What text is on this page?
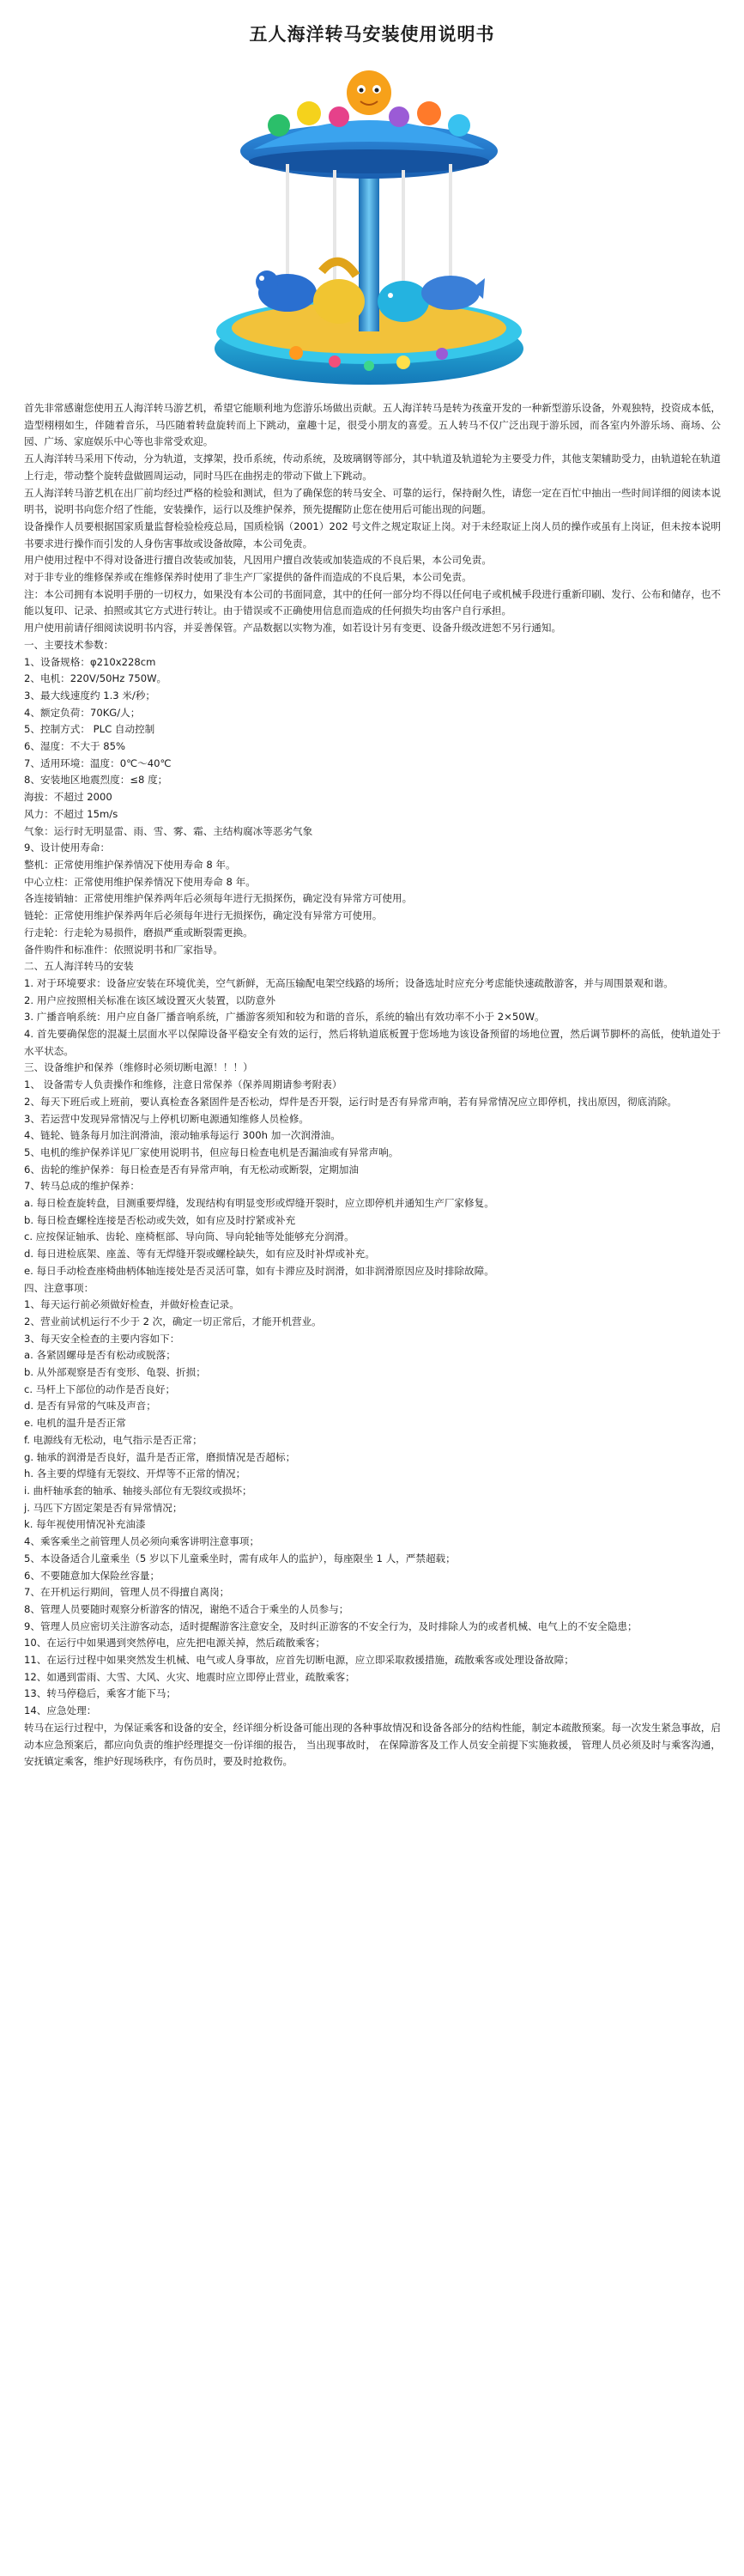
五人海洋转马安装使用说明书

首先非常感谢您使用五人海洋转马游艺机，希望它能顺利地为您游乐场做出贡献。五人海洋转马是转为孩童开发的一种新型游乐设备，外观独特，投资成本低，造型栩栩如生，伴随着音乐，马匹随着转盘旋转而上下跳动，童趣十足，很受小朋友的喜爱。五人转马不仅广泛出现于游乐园，而各室内外游乐场、商场、公园、广场、家庭娱乐中心等也非常受欢迎。

五人海洋转马采用下传动，分为轨道，支撑架，投币系统，传动系统，及玻璃钢等部分，其中轨道及轨道轮为主要受力件，其他支架辅助受力，由轨道轮在轨道上行走，带动整个旋转盘做圆周运动，同时马匹在曲拐走的带动下做上下跳动。

五人海洋转马游艺机在出厂前均经过严格的检验和测试，但为了确保您的转马安全、可靠的运行，保持耐久性，请您一定在百忙中抽出一些时间详细的阅读本说明书，说明书向您介绍了性能，安装操作，运行以及维护保养，预先提醒防止您在使用后可能出现的问题。

设备操作人员要根据国家质量监督检验检疫总局，国质检锅（2001）202 号文件之规定取证上岗。对于未经取证上岗人员的操作或虽有上岗证，但未按本说明书要求进行操作而引发的人身伤害事故或设备故障，本公司免责。

用户使用过程中不得对设备进行擅自改装或加装，凡因用户擅自改装或加装造成的不良后果，本公司免责。

对于非专业的维修保养或在维修保养时使用了非生产厂家提供的备件而造成的不良后果，本公司免责。

注：本公司拥有本说明手册的一切权力，如果没有本公司的书面同意，其中的任何一部分均不得以任何电子或机械手段进行重新印刷、发行、公布和储存，也不能以复印、记录、拍照或其它方式进行转让。由于错误或不正确使用信息而造成的任何损失均由客户自行承担。

用户使用前请仔细阅读说明书内容，并妥善保管。产品数据以实物为准，如若设计另有变更、设备升级改进恕不另行通知。

一、主要技术参数：

1、设备规格：φ210x228cm

2、电机：220V/50Hz 750W。

3、最大线速度约 1.3 米/秒；

4、额定负荷：70KG/人；

5、控制方式： PLC 自动控制

6、湿度：不大于 85%

7、适用环境：温度：0℃～40℃

8、安装地区地震烈度：≤8 度；

海拔：不超过 2000

风力：不超过 15m/s

气象：运行时无明显雷、雨、雪、雾、霜、主结构腐冰等恶劣气象

9、设计使用寿命：

整机：正常使用维护保养情况下使用寿命 8 年。

中心立柱：正常使用维护保养情况下使用寿命 8 年。

各连接销轴：正常使用维护保养两年后必须每年进行无损探伤，确定没有异常方可使用。

链轮：正常使用维护保养两年后必须每年进行无损探伤，确定没有异常方可使用。

行走轮：行走轮为易损件，磨损严重或断裂需更换。

备件购件和标准件：依照说明书和厂家指导。

二、五人海洋转马的安装

1. 对于环境要求：设备应安装在环境优美，空气新鲜，无高压输配电架空线路的场所；设备选址时应充分考虑能快速疏散游客，并与周围景观和谐。

2. 用户应按照相关标准在该区域设置灭火装置，以防意外

3. 广播音响系统：用户应自备厂播音响系统，广播游客须知和较为和谐的音乐，系统的输出有效功率不小于 2×50W。

4. 首先要确保您的混凝土层面水平以保障设备平稳安全有效的运行，然后将轨道底板置于您场地为该设备预留的场地位置，然后调节脚杯的高低，使轨道处于水平状态。

三、设备维护和保养（维修时必须切断电源！！！）

1、 设备需专人负责操作和维修，注意日常保养（保养周期请参考附表）

2、每天下班后或上班前，要认真检查各紧固件是否松动，焊件是否开裂，运行时是否有异常声响，若有异常情况应立即停机，找出原因，彻底消除。

3、若运营中发现异常情况与上停机切断电源通知维修人员检修。

4、链轮、链条每月加注润滑油，滚动轴承每运行 300h 加一次润滑油。

5、电机的维护保养详见厂家使用说明书，但应每日检查电机是否漏油或有异常声响。

6、齿轮的维护保养：每日检查是否有异常声响，有无松动或断裂，定期加油

7、转马总成的维护保养：

a. 每日检查旋转盘，目测重要焊缝，发现结构有明显变形或焊缝开裂时，应立即停机并通知生产厂家修复。

b. 每日检查螺栓连接是否松动或失效，如有应及时拧紧或补充

c. 应按保证轴承、齿轮、座椅框部、导向筒、导向轮轴等处能够充分润滑。

d. 每日进检底架、座盖、等有无焊缝开裂或螺栓缺失，如有应及时补焊或补充。

e. 每日手动检查座椅曲柄体轴连接处是否灵活可靠，如有卡滞应及时润滑，如非润滑原因应及时排除故障。

四、注意事项：

1、每天运行前必须做好检查，并做好检查记录。

2、营业前试机运行不少于 2 次，确定一切正常后，才能开机营业。

3、每天安全检查的主要内容如下：

a. 各紧固螺母是否有松动或脱落；

b. 从外部观察是否有变形、龟裂、折损；

c. 马杆上下部位的动作是否良好；

d. 是否有异常的气味及声音；

e. 电机的温升是否正常

f. 电源线有无松动，电气指示是否正常；

g. 轴承的润滑是否良好，温升是否正常，磨损情况是否超标；

h. 各主要的焊缝有无裂纹、开焊等不正常的情况；

i. 曲杆轴承套的轴承、轴接头部位有无裂纹或损坏；

j. 马匹下方固定架是否有异常情况；

k. 每年视使用情况补充油漆

4、乘客乘坐之前管理人员必须向乘客讲明注意事项；

5、本设备适合儿童乘坐（5 岁以下儿童乘坐时，需有成年人的监护），每座限坐 1 人，严禁超载；

6、不要随意加大保险丝容量；

7、在开机运行期间，管理人员不得擅自离岗；

8、管理人员要随时观察分析游客的情况，谢绝不适合于乘坐的人员参与；

9、管理人员应密切关注游客动态，适时提醒游客注意安全，及时纠正游客的不安全行为，及时排除人为的或者机械、电气上的不安全隐患；

10、在运行中如果遇到突然停电，应先把电源关掉，然后疏散乘客；

11、在运行过程中如果突然发生机械、电气或人身事故，应首先切断电源，应立即采取救援措施，疏散乘客或处理设备故障；

12、如遇到雷雨、大雪、大风、火灾、地震时应立即停止营业，疏散乘客；

13、转马停稳后，乘客才能下马；

14、应急处理：

转马在运行过程中，为保证乘客和设备的安全，经详细分析设备可能出现的各种事故情况和设备各部分的结构性能，制定本疏散预案。每一次发生紧急事故，启动本应急预案后，都应向负责的维护经理提交一份详细的报告， 当出现事故时， 在保障游客及工作人员安全前提下实施救援， 管理人员必须及时与乘客沟通，安抚镇定乘客，维护好现场秩序，有伤员时，要及时抢救伤。
